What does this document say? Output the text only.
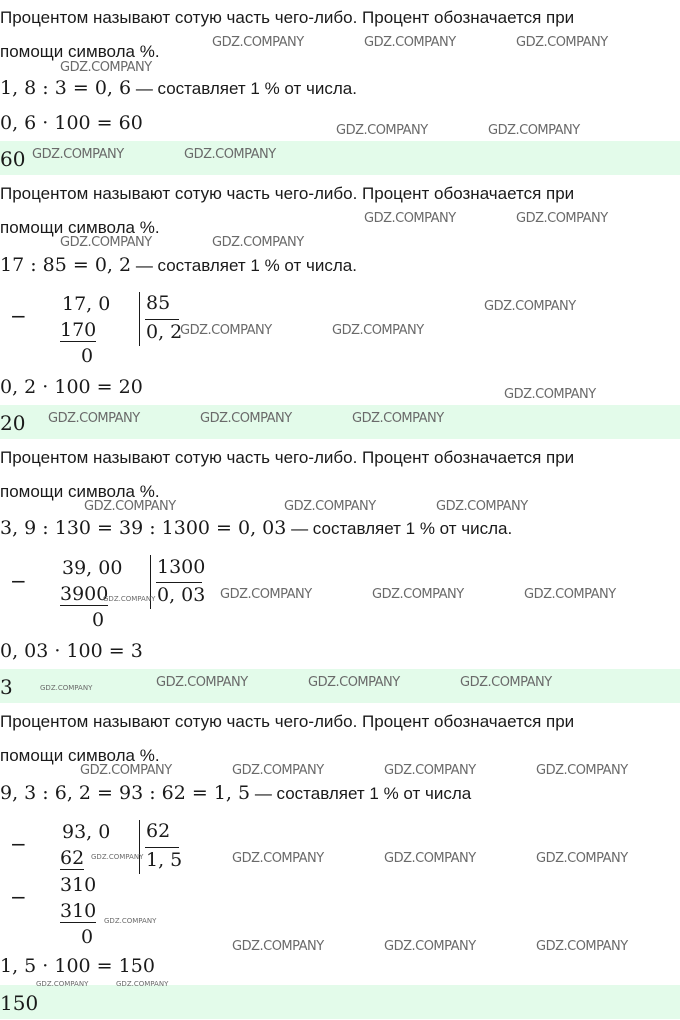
Процентом называют сотую часть чего-либо. Процент обозначается при
помощи символа %.
1, 8 : 3 = 0, 6 — составляет 1 % от числа.
0, 6 · 100 = 60
60
Процентом называют сотую часть чего-либо. Процент обозначается при
помощи символа %.
17 : 85 = 0, 2 — составляет 1 % от числа.
− 17, 0
170
0
85
0, 2
0, 2 · 100 = 20
20
Процентом называют сотую часть чего-либо. Процент обозначается при
помощи символа %.
3, 9 : 130 = 39 : 1300 = 0, 03 — составляет 1 % от числа.
−
39, 00
3900
0
1300
0, 03
0, 03 · 100 = 3
3
Процентом называют сотую часть чего-либо. Процент обозначается при
помощи символа %.
9, 3 : 6, 2 = 93 : 62 = 1, 5 — составляет 1 % от числа
− 93, 0
62
− 310
310
0
62
1, 5
1, 5 · 100 = 150
150
GDZ.COMPANY	GDZ.COMPANY	GDZ.COMPANY
GDZ.COMPANY
GDZ.COMPANY	GDZ.COMPANY
GDZ.COMPANY	GDZ.COMPANY
GDZ.COMPANY	GDZ.COMPANY
GDZ.COMPANY	GDZ.COMPANY
GDZ.COMPANY
GDZ.COMPANY	GDZ.COMPANY
GDZ.COMPANY
GDZ.COMPANY	GDZ.COMPANY	GDZ.COMPANY
GDZ.COMPANY	GDZ.COMPANY	GDZ.COMPANY
GDZ.COMPANY	GDZ.COMPANY	GDZ.COMPANY	GDZ.COMPANY
GDZ.COMPANY	GDZ.COMPANY	GDZ.COMPANY	GDZ.COMPANY
GDZ.COMPANY	GDZ.COMPANY	GDZ.COMPANY	GDZ.COMPANY
GDZ.COMPANY	GDZ.COMPANY	GDZ.COMPANY	GDZ.COMPANY
GDZ.COMPANY
GDZ.COMPANY	GDZ.COMPANY	GDZ.COMPANY
GDZ.COMPANY	GDZ.COMPANY
